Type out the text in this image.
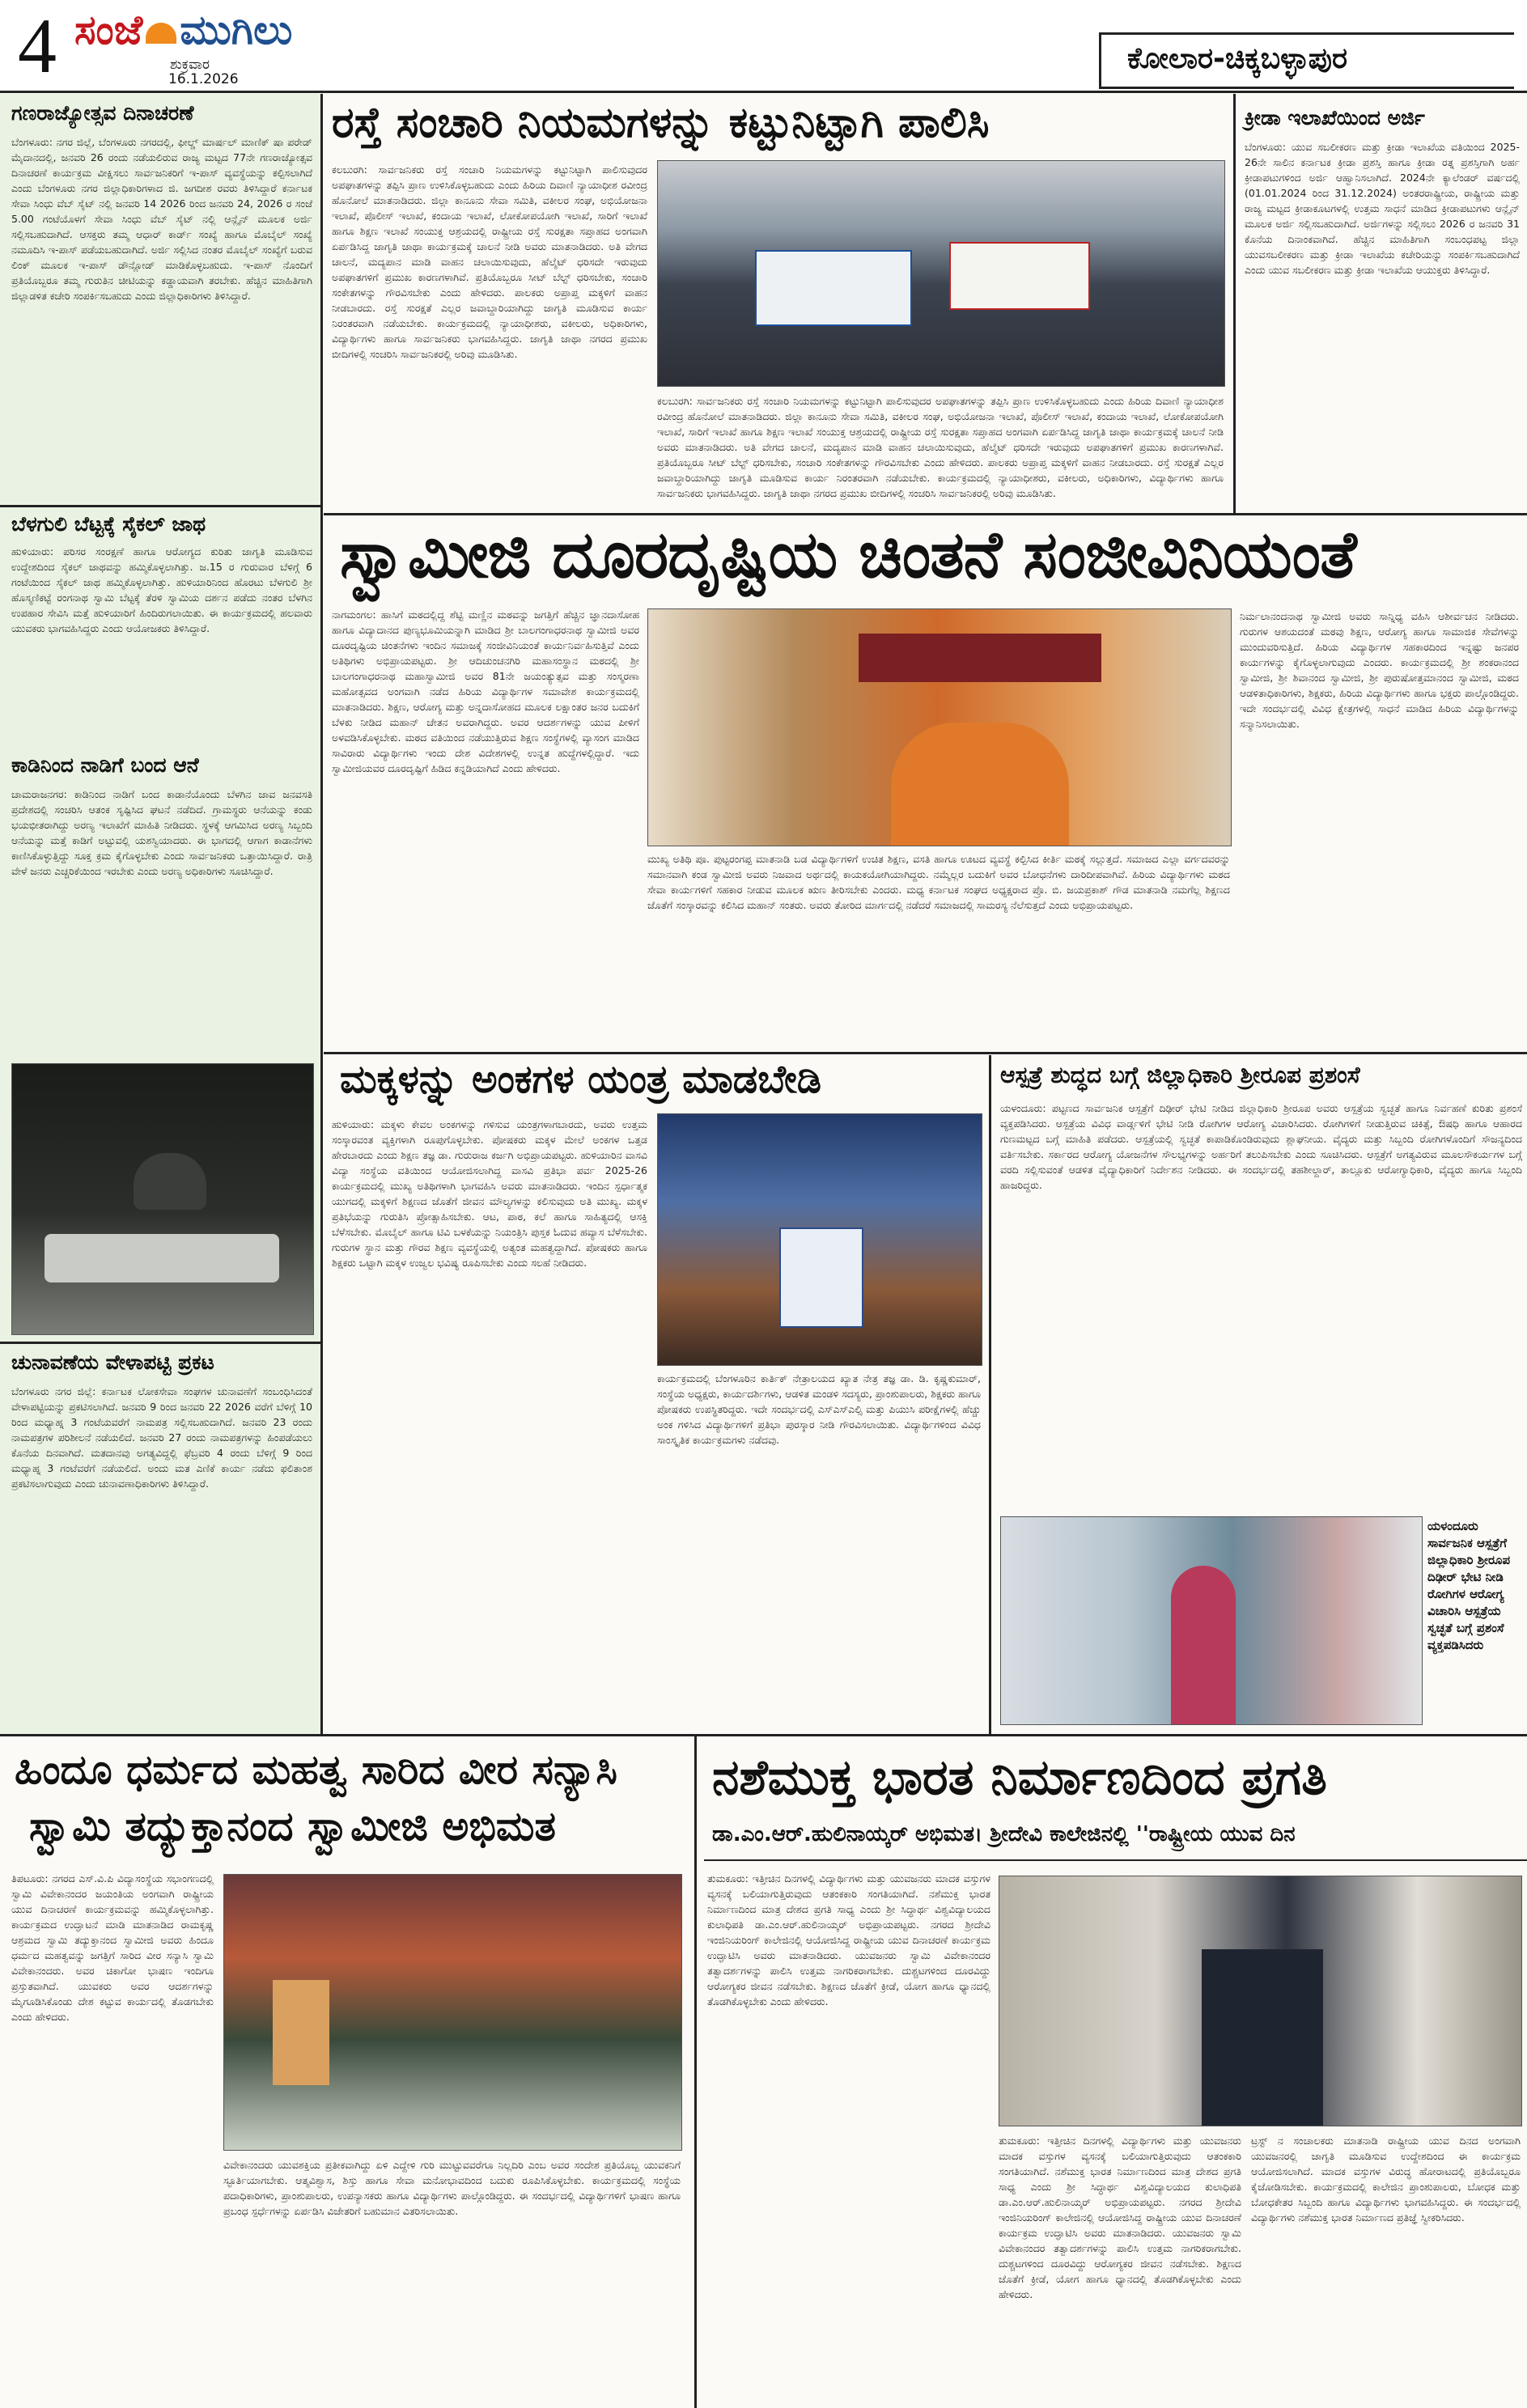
4 ಸಂಜೆ ಮುಗಿಲು
ಶುಕ್ರವಾರ
16.1.2026
ಕೋಲಾರ-ಚಿಕ್ಕಬಳ್ಳಾಪುರ
ಗಣರಾಜ್ಯೋತ್ಸವ ದಿನಾಚರಣೆ
ಬೆಂಗಳೂರು: ನಗರ ಜಿಲ್ಲೆ, ಬೆಂಗಳೂರು ನಗರದಲ್ಲಿ, ಫೀಲ್ಡ್ ಮಾರ್ಷಲ್ ಮಾಣಿಕ್ ಷಾ ಪರೇಡ್ ಮೈದಾನದಲ್ಲಿ, ಜನವರಿ 26 ರಂದು ನಡೆಯಲಿರುವ ರಾಜ್ಯ ಮಟ್ಟದ 77ನೇ ಗಣರಾಜ್ಯೋತ್ಸವ ದಿನಾಚರಣೆ ಕಾರ್ಯಕ್ರಮ ವೀಕ್ಷಿಸಲು ಸಾರ್ವಜನಿಕರಿಗೆ ಇ-ಪಾಸ್ ವ್ಯವಸ್ಥೆಯನ್ನು ಕಲ್ಪಿಸಲಾಗಿದೆ ಎಂದು ಬೆಂಗಳೂರು ನಗರ ಜಿಲ್ಲಾಧಿಕಾರಿಗಳಾದ ಜಿ. ಜಗದೀಶ ರವರು ತಿಳಿಸಿದ್ದಾರೆ ಕರ್ನಾಟಕ ಸೇವಾ ಸಿಂಧು ವೆಬ್ ಸೈಟ್ ನಲ್ಲಿ ಜನವರಿ 14 2026 ರಿಂದ ಜನವರಿ 24, 2026 ರ ಸಂಜೆ 5.00 ಗಂಟೆಯೊಳಗೆ ಸೇವಾ ಸಿಂಧು ವೆಬ್ ಸೈಟ್ ನಲ್ಲಿ ಆನ್ಲೈನ್ ಮೂಲಕ ಅರ್ಜಿ ಸಲ್ಲಿಸಬಹುದಾಗಿದೆ. ಆಸಕ್ತರು ತಮ್ಮ ಆಧಾರ್ ಕಾರ್ಡ್ ಸಂಖ್ಯೆ ಹಾಗೂ ಮೊಬೈಲ್ ಸಂಖ್ಯೆ ನಮೂದಿಸಿ ಇ-ಪಾಸ್ ಪಡೆಯಬಹುದಾಗಿದೆ. ಅರ್ಜಿ ಸಲ್ಲಿಸಿದ ನಂತರ ಮೊಬೈಲ್ ಸಂಖ್ಯೆಗೆ ಬರುವ ಲಿಂಕ್ ಮೂಲಕ ಇ-ಪಾಸ್ ಡೌನ್ಲೋಡ್ ಮಾಡಿಕೊಳ್ಳಬಹುದು. ಇ-ಪಾಸ್ ನೊಂದಿಗೆ ಪ್ರತಿಯೊಬ್ಬರೂ ತಮ್ಮ ಗುರುತಿನ ಚೀಟಿಯನ್ನು ಕಡ್ಡಾಯವಾಗಿ ತರಬೇಕು. ಹೆಚ್ಚಿನ ಮಾಹಿತಿಗಾಗಿ ಜಿಲ್ಲಾಡಳಿತ ಕಚೇರಿ ಸಂಪರ್ಕಿಸಬಹುದು ಎಂದು ಜಿಲ್ಲಾಧಿಕಾರಿಗಳು ತಿಳಿಸಿದ್ದಾರೆ.
ಬೆಳಗುಲಿ ಬೆಟ್ಟಕ್ಕೆ ಸೈಕಲ್ ಜಾಥ
ಹುಳಿಯಾರು: ಪರಿಸರ ಸಂರಕ್ಷಣೆ ಹಾಗೂ ಆರೋಗ್ಯದ ಕುರಿತು ಜಾಗೃತಿ ಮೂಡಿಸುವ ಉದ್ದೇಶದಿಂದ ಸೈಕಲ್ ಜಾಥವನ್ನು ಹಮ್ಮಿಕೊಳ್ಳಲಾಗಿತ್ತು. ಜ.15 ರ ಗುರುವಾರ ಬೆಳಿಗ್ಗೆ 6 ಗಂಟೆಯಿಂದ ಸೈಕಲ್ ಜಾಥ ಹಮ್ಮಿಕೊಳ್ಳಲಾಗಿತ್ತು. ಹುಳಿಯಾರಿನಿಂದ ಹೊರಟು ಬೆಳಗುಲಿ ಶ್ರೀ ಹೊಸ್ಮಣಿಕಟ್ಟೆ ರಂಗನಾಥ ಸ್ವಾಮಿ ಬೆಟ್ಟಕ್ಕೆ ತೆರಳಿ ಸ್ವಾಮಿಯ ದರ್ಶನ ಪಡೆದು ನಂತರ ಬೆಳಗಿನ ಉಪಹಾರ ಸೇವಿಸಿ ಮತ್ತೆ ಹುಳಿಯಾರಿಗೆ ಹಿಂದಿರುಗಲಾಯಿತು. ಈ ಕಾರ್ಯಕ್ರಮದಲ್ಲಿ ಹಲವಾರು ಯುವಕರು ಭಾಗವಹಿಸಿದ್ದರು ಎಂದು ಆಯೋಜಕರು ತಿಳಿಸಿದ್ದಾರೆ.
ಕಾಡಿನಿಂದ ನಾಡಿಗೆ ಬಂದ ಆನೆ
ಚಾಮರಾಜನಗರ: ಕಾಡಿನಿಂದ ನಾಡಿಗೆ ಬಂದ ಕಾಡಾನೆಯೊಂದು ಬೆಳಗಿನ ಜಾವ ಜನವಸತಿ ಪ್ರದೇಶದಲ್ಲಿ ಸಂಚರಿಸಿ ಆತಂಕ ಸೃಷ್ಟಿಸಿದ ಘಟನೆ ನಡೆದಿದೆ. ಗ್ರಾಮಸ್ಥರು ಆನೆಯನ್ನು ಕಂಡು ಭಯಭೀತರಾಗಿದ್ದು ಅರಣ್ಯ ಇಲಾಖೆಗೆ ಮಾಹಿತಿ ನೀಡಿದರು. ಸ್ಥಳಕ್ಕೆ ಆಗಮಿಸಿದ ಅರಣ್ಯ ಸಿಬ್ಬಂದಿ ಆನೆಯನ್ನು ಮತ್ತೆ ಕಾಡಿಗೆ ಅಟ್ಟುವಲ್ಲಿ ಯಶಸ್ವಿಯಾದರು. ಈ ಭಾಗದಲ್ಲಿ ಆಗಾಗ ಕಾಡಾನೆಗಳು ಕಾಣಿಸಿಕೊಳ್ಳುತ್ತಿದ್ದು ಸೂಕ್ತ ಕ್ರಮ ಕೈಗೊಳ್ಳಬೇಕು ಎಂದು ಸಾರ್ವಜನಿಕರು ಒತ್ತಾಯಿಸಿದ್ದಾರೆ. ರಾತ್ರಿ ವೇಳೆ ಜನರು ಎಚ್ಚರಿಕೆಯಿಂದ ಇರಬೇಕು ಎಂದು ಅರಣ್ಯ ಅಧಿಕಾರಿಗಳು ಸೂಚಿಸಿದ್ದಾರೆ.
ಚುನಾವಣೆಯ ವೇಳಾಪಟ್ಟಿ ಪ್ರಕಟ
ಬೆಂಗಳೂರು ನಗರ ಜಿಲ್ಲೆ: ಕರ್ನಾಟಕ ಲೋಕಸೇವಾ ಸಂಘಗಳ ಚುನಾವಣೆಗೆ ಸಂಬಂಧಿಸಿದಂತೆ ವೇಳಾಪಟ್ಟಿಯನ್ನು ಪ್ರಕಟಿಸಲಾಗಿದೆ. ಜನವರಿ 9 ರಿಂದ ಜನವರಿ 22 2026 ವರೆಗೆ ಬೆಳಿಗ್ಗೆ 10 ರಿಂದ ಮಧ್ಯಾಹ್ನ 3 ಗಂಟೆಯವರೆಗೆ ನಾಮಪತ್ರ ಸಲ್ಲಿಸಬಹುದಾಗಿದೆ. ಜನವರಿ 23 ರಂದು ನಾಮಪತ್ರಗಳ ಪರಿಶೀಲನೆ ನಡೆಯಲಿದೆ. ಜನವರಿ 27 ರಂದು ನಾಮಪತ್ರಗಳನ್ನು ಹಿಂಪಡೆಯಲು ಕೊನೆಯ ದಿನವಾಗಿದೆ. ಮತದಾನವು ಅಗತ್ಯವಿದ್ದಲ್ಲಿ ಫೆಬ್ರವರಿ 4 ರಂದು ಬೆಳಿಗ್ಗೆ 9 ರಿಂದ ಮಧ್ಯಾಹ್ನ 3 ಗಂಟೆವರೆಗೆ ನಡೆಯಲಿದೆ. ಅಂದು ಮತ ಎಣಿಕೆ ಕಾರ್ಯ ನಡೆದು ಫಲಿತಾಂಶ ಪ್ರಕಟಿಸಲಾಗುವುದು ಎಂದು ಚುನಾವಣಾಧಿಕಾರಿಗಳು ತಿಳಿಸಿದ್ದಾರೆ.
ರಸ್ತೆ ಸಂಚಾರಿ ನಿಯಮಗಳನ್ನು ಕಟ್ಟುನಿಟ್ಟಾಗಿ ಪಾಲಿಸಿ
ಕಲಬುರಗಿ: ಸಾರ್ವಜನಿಕರು ರಸ್ತೆ ಸಂಚಾರಿ ನಿಯಮಗಳನ್ನು ಕಟ್ಟುನಿಟ್ಟಾಗಿ ಪಾಲಿಸುವುದರ ಅಪಘಾತಗಳನ್ನು ತಪ್ಪಿಸಿ ಪ್ರಾಣ ಉಳಿಸಿಕೊಳ್ಳಬಹುದು ಎಂದು ಹಿರಿಯ ದಿವಾಣಿ ನ್ಯಾಯಾಧೀಶ ರವೀಂದ್ರ ಹೊನೋಲೆ ಮಾತನಾಡಿದರು. ಜಿಲ್ಲಾ ಕಾನೂನು ಸೇವಾ ಸಮಿತಿ, ವಕೀಲರ ಸಂಘ, ಅಭಿಯೋಜನಾ ಇಲಾಖೆ, ಪೊಲೀಸ್ ಇಲಾಖೆ, ಕಂದಾಯ ಇಲಾಖೆ, ಲೋಕೋಪಯೋಗಿ ಇಲಾಖೆ, ಸಾರಿಗೆ ಇಲಾಖೆ ಹಾಗೂ ಶಿಕ್ಷಣ ಇಲಾಖೆ ಸಂಯುಕ್ತ ಆಶ್ರಯದಲ್ಲಿ ರಾಷ್ಟ್ರೀಯ ರಸ್ತೆ ಸುರಕ್ಷತಾ ಸಪ್ತಾಹದ ಅಂಗವಾಗಿ ಏರ್ಪಡಿಸಿದ್ದ ಜಾಗೃತಿ ಜಾಥಾ ಕಾರ್ಯಕ್ರಮಕ್ಕೆ ಚಾಲನೆ ನೀಡಿ ಅವರು ಮಾತನಾಡಿದರು. ಅತಿ ವೇಗದ ಚಾಲನೆ, ಮದ್ಯಪಾನ ಮಾಡಿ ವಾಹನ ಚಲಾಯಿಸುವುದು, ಹೆಲ್ಮೆಟ್ ಧರಿಸದೇ ಇರುವುದು ಅಪಘಾತಗಳಿಗೆ ಪ್ರಮುಖ ಕಾರಣಗಳಾಗಿವೆ. ಪ್ರತಿಯೊಬ್ಬರೂ ಸೀಟ್ ಬೆಲ್ಟ್ ಧರಿಸಬೇಕು, ಸಂಚಾರಿ ಸಂಕೇತಗಳನ್ನು ಗೌರವಿಸಬೇಕು ಎಂದು ಹೇಳಿದರು. ಪಾಲಕರು ಅಪ್ರಾಪ್ತ ಮಕ್ಕಳಿಗೆ ವಾಹನ ನೀಡಬಾರದು. ರಸ್ತೆ ಸುರಕ್ಷತೆ ಎಲ್ಲರ ಜವಾಬ್ದಾರಿಯಾಗಿದ್ದು ಜಾಗೃತಿ ಮೂಡಿಸುವ ಕಾರ್ಯ ನಿರಂತರವಾಗಿ ನಡೆಯಬೇಕು. ಕಾರ್ಯಕ್ರಮದಲ್ಲಿ ನ್ಯಾಯಾಧೀಶರು, ವಕೀಲರು, ಅಧಿಕಾರಿಗಳು, ವಿದ್ಯಾರ್ಥಿಗಳು ಹಾಗೂ ಸಾರ್ವಜನಿಕರು ಭಾಗವಹಿಸಿದ್ದರು. ಜಾಗೃತಿ ಜಾಥಾ ನಗರದ ಪ್ರಮುಖ ಬೀದಿಗಳಲ್ಲಿ ಸಂಚರಿಸಿ ಸಾರ್ವಜನಿಕರಲ್ಲಿ ಅರಿವು ಮೂಡಿಸಿತು.
ಕಲಬುರಗಿ: ಸಾರ್ವಜನಿಕರು ರಸ್ತೆ ಸಂಚಾರಿ ನಿಯಮಗಳನ್ನು ಕಟ್ಟುನಿಟ್ಟಾಗಿ ಪಾಲಿಸುವುದರ ಅಪಘಾತಗಳನ್ನು ತಪ್ಪಿಸಿ ಪ್ರಾಣ ಉಳಿಸಿಕೊಳ್ಳಬಹುದು ಎಂದು ಹಿರಿಯ ದಿವಾಣಿ ನ್ಯಾಯಾಧೀಶ ರವೀಂದ್ರ ಹೊನೋಲೆ ಮಾತನಾಡಿದರು. ಜಿಲ್ಲಾ ಕಾನೂನು ಸೇವಾ ಸಮಿತಿ, ವಕೀಲರ ಸಂಘ, ಅಭಿಯೋಜನಾ ಇಲಾಖೆ, ಪೊಲೀಸ್ ಇಲಾಖೆ, ಕಂದಾಯ ಇಲಾಖೆ, ಲೋಕೋಪಯೋಗಿ ಇಲಾಖೆ, ಸಾರಿಗೆ ಇಲಾಖೆ ಹಾಗೂ ಶಿಕ್ಷಣ ಇಲಾಖೆ ಸಂಯುಕ್ತ ಆಶ್ರಯದಲ್ಲಿ ರಾಷ್ಟ್ರೀಯ ರಸ್ತೆ ಸುರಕ್ಷತಾ ಸಪ್ತಾಹದ ಅಂಗವಾಗಿ ಏರ್ಪಡಿಸಿದ್ದ ಜಾಗೃತಿ ಜಾಥಾ ಕಾರ್ಯಕ್ರಮಕ್ಕೆ ಚಾಲನೆ ನೀಡಿ ಅವರು ಮಾತನಾಡಿದರು. ಅತಿ ವೇಗದ ಚಾಲನೆ, ಮದ್ಯಪಾನ ಮಾಡಿ ವಾಹನ ಚಲಾಯಿಸುವುದು, ಹೆಲ್ಮೆಟ್ ಧರಿಸದೇ ಇರುವುದು ಅಪಘಾತಗಳಿಗೆ ಪ್ರಮುಖ ಕಾರಣಗಳಾಗಿವೆ. ಪ್ರತಿಯೊಬ್ಬರೂ ಸೀಟ್ ಬೆಲ್ಟ್ ಧರಿಸಬೇಕು, ಸಂಚಾರಿ ಸಂಕೇತಗಳನ್ನು ಗೌರವಿಸಬೇಕು ಎಂದು ಹೇಳಿದರು. ಪಾಲಕರು ಅಪ್ರಾಪ್ತ ಮಕ್ಕಳಿಗೆ ವಾಹನ ನೀಡಬಾರದು. ರಸ್ತೆ ಸುರಕ್ಷತೆ ಎಲ್ಲರ ಜವಾಬ್ದಾರಿಯಾಗಿದ್ದು ಜಾಗೃತಿ ಮೂಡಿಸುವ ಕಾರ್ಯ ನಿರಂತರವಾಗಿ ನಡೆಯಬೇಕು. ಕಾರ್ಯಕ್ರಮದಲ್ಲಿ ನ್ಯಾಯಾಧೀಶರು, ವಕೀಲರು, ಅಧಿಕಾರಿಗಳು, ವಿದ್ಯಾರ್ಥಿಗಳು ಹಾಗೂ ಸಾರ್ವಜನಿಕರು ಭಾಗವಹಿಸಿದ್ದರು. ಜಾಗೃತಿ ಜಾಥಾ ನಗರದ ಪ್ರಮುಖ ಬೀದಿಗಳಲ್ಲಿ ಸಂಚರಿಸಿ ಸಾರ್ವಜನಿಕರಲ್ಲಿ ಅರಿವು ಮೂಡಿಸಿತು.
ಕ್ರೀಡಾ ಇಲಾಖೆಯಿಂದ ಅರ್ಜಿ
ಬೆಂಗಳೂರು: ಯುವ ಸಬಲೀಕರಣ ಮತ್ತು ಕ್ರೀಡಾ ಇಲಾಖೆಯ ವತಿಯಿಂದ 2025-26ನೇ ಸಾಲಿನ ಕರ್ನಾಟಕ ಕ್ರೀಡಾ ಪ್ರಶಸ್ತಿ ಹಾಗೂ ಕ್ರೀಡಾ ರತ್ನ ಪ್ರಶಸ್ತಿಗಾಗಿ ಅರ್ಹ ಕ್ರೀಡಾಪಟುಗಳಿಂದ ಅರ್ಜಿ ಆಹ್ವಾನಿಸಲಾಗಿದೆ. 2024ನೇ ಕ್ಯಾಲೆಂಡರ್ ವರ್ಷದಲ್ಲಿ (01.01.2024 ರಿಂದ 31.12.2024) ಅಂತರರಾಷ್ಟ್ರೀಯ, ರಾಷ್ಟ್ರೀಯ ಮತ್ತು ರಾಜ್ಯ ಮಟ್ಟದ ಕ್ರೀಡಾಕೂಟಗಳಲ್ಲಿ ಉತ್ತಮ ಸಾಧನೆ ಮಾಡಿದ ಕ್ರೀಡಾಪಟುಗಳು ಆನ್ಲೈನ್ ಮೂಲಕ ಅರ್ಜಿ ಸಲ್ಲಿಸಬಹುದಾಗಿದೆ. ಅರ್ಜಿಗಳನ್ನು ಸಲ್ಲಿಸಲು 2026 ರ ಜನವರಿ 31 ಕೊನೆಯ ದಿನಾಂಕವಾಗಿದೆ. ಹೆಚ್ಚಿನ ಮಾಹಿತಿಗಾಗಿ ಸಂಬಂಧಪಟ್ಟ ಜಿಲ್ಲಾ ಯುವಸಬಲೀಕರಣ ಮತ್ತು ಕ್ರೀಡಾ ಇಲಾಖೆಯ ಕಚೇರಿಯನ್ನು ಸಂಪರ್ಕಿಸಬಹುದಾಗಿದೆ ಎಂದು ಯುವ ಸಬಲೀಕರಣ ಮತ್ತು ಕ್ರೀಡಾ ಇಲಾಖೆಯ ಆಯುಕ್ತರು ತಿಳಿಸಿದ್ದಾರೆ.
ಸ್ವಾಮೀಜಿ ದೂರದೃಷ್ಟಿಯ ಚಿಂತನೆ ಸಂಜೀವಿನಿಯಂತೆ
ನಾಗಮಂಗಲ: ಹಾಸಿಗೆ ಮಠದಲ್ಲಿದ್ದ ಶೆಟ್ಟಿ ಮಣ್ಣಿನ ಮಠವನ್ನು ಜಗತ್ತಿಗೆ ಹೆಚ್ಚಿನ ಜ್ಞಾನದಾಸೋಹ ಹಾಗೂ ವಿದ್ಯಾದಾನದ ಪುಣ್ಯಭೂಮಿಯನ್ನಾಗಿ ಮಾಡಿದ ಶ್ರೀ ಬಾಲಗಂಗಾಧರನಾಥ ಸ್ವಾಮೀಜಿ ಅವರ ದೂರದೃಷ್ಟಿಯ ಚಿಂತನೆಗಳು ಇಂದಿನ ಸಮಾಜಕ್ಕೆ ಸಂಜೀವಿನಿಯಂತೆ ಕಾರ್ಯನಿರ್ವಹಿಸುತ್ತಿವೆ ಎಂದು ಅತಿಥಿಗಳು ಅಭಿಪ್ರಾಯಪಟ್ಟರು. ಶ್ರೀ ಆದಿಚುಂಚನಗಿರಿ ಮಹಾಸಂಸ್ಥಾನ ಮಠದಲ್ಲಿ ಶ್ರೀ ಬಾಲಗಂಗಾಧರನಾಥ ಮಹಾಸ್ವಾಮೀಜಿ ಅವರ 81ನೇ ಜಯಂತ್ಯುತ್ಸವ ಮತ್ತು ಸಂಸ್ಮರಣಾ ಮಹೋತ್ಸವದ ಅಂಗವಾಗಿ ನಡೆದ ಹಿರಿಯ ವಿದ್ಯಾರ್ಥಿಗಳ ಸಮಾವೇಶ ಕಾರ್ಯಕ್ರಮದಲ್ಲಿ ಮಾತನಾಡಿದರು. ಶಿಕ್ಷಣ, ಆರೋಗ್ಯ ಮತ್ತು ಅನ್ನದಾಸೋಹದ ಮೂಲಕ ಲಕ್ಷಾಂತರ ಜನರ ಬದುಕಿಗೆ ಬೆಳಕು ನೀಡಿದ ಮಹಾನ್ ಚೇತನ ಅವರಾಗಿದ್ದರು. ಅವರ ಆದರ್ಶಗಳನ್ನು ಯುವ ಪೀಳಿಗೆ ಅಳವಡಿಸಿಕೊಳ್ಳಬೇಕು. ಮಠದ ವತಿಯಿಂದ ನಡೆಯುತ್ತಿರುವ ಶಿಕ್ಷಣ ಸಂಸ್ಥೆಗಳಲ್ಲಿ ವ್ಯಾಸಂಗ ಮಾಡಿದ ಸಾವಿರಾರು ವಿದ್ಯಾರ್ಥಿಗಳು ಇಂದು ದೇಶ ವಿದೇಶಗಳಲ್ಲಿ ಉನ್ನತ ಹುದ್ದೆಗಳಲ್ಲಿದ್ದಾರೆ. ಇದು ಸ್ವಾಮೀಜಿಯವರ ದೂರದೃಷ್ಟಿಗೆ ಹಿಡಿದ ಕನ್ನಡಿಯಾಗಿದೆ ಎಂದು ಹೇಳಿದರು.
ಮುಖ್ಯ ಅತಿಥಿ ಪೂ. ಪುಟ್ಟರಂಗಪ್ಪ ಮಾತನಾಡಿ ಬಡ ವಿದ್ಯಾರ್ಥಿಗಳಿಗೆ ಉಚಿತ ಶಿಕ್ಷಣ, ವಸತಿ ಹಾಗೂ ಊಟದ ವ್ಯವಸ್ಥೆ ಕಲ್ಪಿಸಿದ ಕೀರ್ತಿ ಮಠಕ್ಕೆ ಸಲ್ಲುತ್ತದೆ. ಸಮಾಜದ ಎಲ್ಲಾ ವರ್ಗದವರನ್ನು ಸಮಾನವಾಗಿ ಕಂಡ ಸ್ವಾಮೀಜಿ ಅವರು ನಿಜವಾದ ಅರ್ಥದಲ್ಲಿ ಕಾಯಕಯೋಗಿಯಾಗಿದ್ದರು. ನಮ್ಮೆಲ್ಲರ ಬದುಕಿಗೆ ಅವರ ಬೋಧನೆಗಳು ದಾರಿದೀಪವಾಗಿವೆ. ಹಿರಿಯ ವಿದ್ಯಾರ್ಥಿಗಳು ಮಠದ ಸೇವಾ ಕಾರ್ಯಗಳಿಗೆ ಸಹಕಾರ ನೀಡುವ ಮೂಲಕ ಋಣ ತೀರಿಸಬೇಕು ಎಂದರು. ಮಧ್ಯ ಕರ್ನಾಟಕ ಸಂಘದ ಅಧ್ಯಕ್ಷರಾದ ಪ್ರೊ. ಬಿ. ಜಯಪ್ರಕಾಶ್ ಗೌಡ ಮಾತನಾಡಿ ನಮಗೆಲ್ಲ ಶಿಕ್ಷಣದ ಜೊತೆಗೆ ಸಂಸ್ಕಾರವನ್ನು ಕಲಿಸಿದ ಮಹಾನ್ ಸಂತರು. ಅವರು ತೋರಿದ ಮಾರ್ಗದಲ್ಲಿ ನಡೆದರೆ ಸಮಾಜದಲ್ಲಿ ಸಾಮರಸ್ಯ ನೆಲೆಸುತ್ತದೆ ಎಂದು ಅಭಿಪ್ರಾಯಪಟ್ಟರು.
ನಿರ್ಮಲಾನಂದನಾಥ ಸ್ವಾಮೀಜಿ ಅವರು ಸಾನ್ನಿಧ್ಯ ವಹಿಸಿ ಆಶೀರ್ವಚನ ನೀಡಿದರು. ಗುರುಗಳ ಆಶಯದಂತೆ ಮಠವು ಶಿಕ್ಷಣ, ಆರೋಗ್ಯ ಹಾಗೂ ಸಾಮಾಜಿಕ ಸೇವೆಗಳನ್ನು ಮುಂದುವರಿಸುತ್ತಿದೆ. ಹಿರಿಯ ವಿದ್ಯಾರ್ಥಿಗಳ ಸಹಕಾರದಿಂದ ಇನ್ನಷ್ಟು ಜನಪರ ಕಾರ್ಯಗಳನ್ನು ಕೈಗೊಳ್ಳಲಾಗುವುದು ಎಂದರು. ಕಾರ್ಯಕ್ರಮದಲ್ಲಿ ಶ್ರೀ ಶಂಕರಾನಂದ ಸ್ವಾಮೀಜಿ, ಶ್ರೀ ಶಿವಾನಂದ ಸ್ವಾಮೀಜಿ, ಶ್ರೀ ಪುರುಷೋತ್ತಮಾನಂದ ಸ್ವಾಮೀಜಿ, ಮಠದ ಆಡಳಿತಾಧಿಕಾರಿಗಳು, ಶಿಕ್ಷಕರು, ಹಿರಿಯ ವಿದ್ಯಾರ್ಥಿಗಳು ಹಾಗೂ ಭಕ್ತರು ಪಾಲ್ಗೊಂಡಿದ್ದರು. ಇದೇ ಸಂದರ್ಭದಲ್ಲಿ ವಿವಿಧ ಕ್ಷೇತ್ರಗಳಲ್ಲಿ ಸಾಧನೆ ಮಾಡಿದ ಹಿರಿಯ ವಿದ್ಯಾರ್ಥಿಗಳನ್ನು ಸನ್ಮಾನಿಸಲಾಯಿತು.
ಮಕ್ಕಳನ್ನು ಅಂಕಗಳ ಯಂತ್ರ ಮಾಡಬೇಡಿ
ಹುಳಿಯಾರು: ಮಕ್ಕಳು ಕೇವಲ ಅಂಕಗಳನ್ನು ಗಳಿಸುವ ಯಂತ್ರಗಳಾಗಬಾರದು, ಅವರು ಉತ್ತಮ ಸಂಸ್ಕಾರವಂತ ವ್ಯಕ್ತಿಗಳಾಗಿ ರೂಪುಗೊಳ್ಳಬೇಕು. ಪೋಷಕರು ಮಕ್ಕಳ ಮೇಲೆ ಅಂಕಗಳ ಒತ್ತಡ ಹೇರಬಾರದು ಎಂದು ಶಿಕ್ಷಣ ತಜ್ಞ ಡಾ. ಗುರುರಾಜ ಕರ್ಜಗಿ ಅಭಿಪ್ರಾಯಪಟ್ಟರು. ಹುಳಿಯಾರಿನ ವಾಸವಿ ವಿದ್ಯಾ ಸಂಸ್ಥೆಯ ವತಿಯಿಂದ ಆಯೋಜಿಸಲಾಗಿದ್ದ ವಾಸವಿ ಪ್ರತಿಭಾ ಪರ್ವ 2025-26 ಕಾರ್ಯಕ್ರಮದಲ್ಲಿ ಮುಖ್ಯ ಅತಿಥಿಗಳಾಗಿ ಭಾಗವಹಿಸಿ ಅವರು ಮಾತನಾಡಿದರು. ಇಂದಿನ ಸ್ಪರ್ಧಾತ್ಮಕ ಯುಗದಲ್ಲಿ ಮಕ್ಕಳಿಗೆ ಶಿಕ್ಷಣದ ಜೊತೆಗೆ ಜೀವನ ಮೌಲ್ಯಗಳನ್ನು ಕಲಿಸುವುದು ಅತಿ ಮುಖ್ಯ. ಮಕ್ಕಳ ಪ್ರತಿಭೆಯನ್ನು ಗುರುತಿಸಿ ಪ್ರೋತ್ಸಾಹಿಸಬೇಕು. ಆಟ, ಪಾಠ, ಕಲೆ ಹಾಗೂ ಸಾಹಿತ್ಯದಲ್ಲಿ ಆಸಕ್ತಿ ಬೆಳೆಸಬೇಕು. ಮೊಬೈಲ್ ಹಾಗೂ ಟಿವಿ ಬಳಕೆಯನ್ನು ನಿಯಂತ್ರಿಸಿ ಪುಸ್ತಕ ಓದುವ ಹವ್ಯಾಸ ಬೆಳೆಸಬೇಕು. ಗುರುಗಳ ಸ್ಥಾನ ಮತ್ತು ಗೌರವ ಶಿಕ್ಷಣ ವ್ಯವಸ್ಥೆಯಲ್ಲಿ ಅತ್ಯಂತ ಮಹತ್ವದ್ದಾಗಿದೆ. ಪೋಷಕರು ಹಾಗೂ ಶಿಕ್ಷಕರು ಒಟ್ಟಾಗಿ ಮಕ್ಕಳ ಉಜ್ವಲ ಭವಿಷ್ಯ ರೂಪಿಸಬೇಕು ಎಂದು ಸಲಹೆ ನೀಡಿದರು.
ಕಾರ್ಯಕ್ರಮದಲ್ಲಿ ಬೆಂಗಳೂರಿನ ಕಾರ್ತಿಕ್ ನೇತ್ರಾಲಯದ ಖ್ಯಾತ ನೇತ್ರ ತಜ್ಞ ಡಾ. ಡಿ. ಕೃಷ್ಣಕುಮಾರ್, ಸಂಸ್ಥೆಯ ಅಧ್ಯಕ್ಷರು, ಕಾರ್ಯದರ್ಶಿಗಳು, ಆಡಳಿತ ಮಂಡಳಿ ಸದಸ್ಯರು, ಪ್ರಾಂಶುಪಾಲರು, ಶಿಕ್ಷಕರು ಹಾಗೂ ಪೋಷಕರು ಉಪಸ್ಥಿತರಿದ್ದರು. ಇದೇ ಸಂದರ್ಭದಲ್ಲಿ ಎಸ್ಎಸ್ಎಲ್ಸಿ ಮತ್ತು ಪಿಯುಸಿ ಪರೀಕ್ಷೆಗಳಲ್ಲಿ ಹೆಚ್ಚು ಅಂಕ ಗಳಿಸಿದ ವಿದ್ಯಾರ್ಥಿಗಳಿಗೆ ಪ್ರತಿಭಾ ಪುರಸ್ಕಾರ ನೀಡಿ ಗೌರವಿಸಲಾಯಿತು. ವಿದ್ಯಾರ್ಥಿಗಳಿಂದ ವಿವಿಧ ಸಾಂಸ್ಕೃತಿಕ ಕಾರ್ಯಕ್ರಮಗಳು ನಡೆದವು.
ಆಸ್ಪತ್ರೆ ಶುದ್ಧದ ಬಗ್ಗೆ ಜಿಲ್ಲಾಧಿಕಾರಿ ಶ್ರೀರೂಪ ಪ್ರಶಂಸೆ
ಯಳಂದೂರು: ಪಟ್ಟಣದ ಸಾರ್ವಜನಿಕ ಆಸ್ಪತ್ರೆಗೆ ದಿಢೀರ್ ಭೇಟಿ ನೀಡಿದ ಜಿಲ್ಲಾಧಿಕಾರಿ ಶ್ರೀರೂಪ ಅವರು ಆಸ್ಪತ್ರೆಯ ಸ್ವಚ್ಛತೆ ಹಾಗೂ ನಿರ್ವಹಣೆ ಕುರಿತು ಪ್ರಶಂಸೆ ವ್ಯಕ್ತಪಡಿಸಿದರು. ಆಸ್ಪತ್ರೆಯ ವಿವಿಧ ವಾರ್ಡ್ಗಳಿಗೆ ಭೇಟಿ ನೀಡಿ ರೋಗಿಗಳ ಆರೋಗ್ಯ ವಿಚಾರಿಸಿದರು. ರೋಗಿಗಳಿಗೆ ನೀಡುತ್ತಿರುವ ಚಿಕಿತ್ಸೆ, ಔಷಧಿ ಹಾಗೂ ಆಹಾರದ ಗುಣಮಟ್ಟದ ಬಗ್ಗೆ ಮಾಹಿತಿ ಪಡೆದರು. ಆಸ್ಪತ್ರೆಯಲ್ಲಿ ಸ್ವಚ್ಛತೆ ಕಾಪಾಡಿಕೊಂಡಿರುವುದು ಶ್ಲಾಘನೀಯ. ವೈದ್ಯರು ಮತ್ತು ಸಿಬ್ಬಂದಿ ರೋಗಿಗಳೊಂದಿಗೆ ಸೌಜನ್ಯದಿಂದ ವರ್ತಿಸಬೇಕು. ಸರ್ಕಾರದ ಆರೋಗ್ಯ ಯೋಜನೆಗಳ ಸೌಲಭ್ಯಗಳನ್ನು ಅರ್ಹರಿಗೆ ತಲುಪಿಸಬೇಕು ಎಂದು ಸೂಚಿಸಿದರು. ಆಸ್ಪತ್ರೆಗೆ ಅಗತ್ಯವಿರುವ ಮೂಲಸೌಕರ್ಯಗಳ ಬಗ್ಗೆ ವರದಿ ಸಲ್ಲಿಸುವಂತೆ ಆಡಳಿತ ವೈದ್ಯಾಧಿಕಾರಿಗೆ ನಿರ್ದೇಶನ ನೀಡಿದರು. ಈ ಸಂದರ್ಭದಲ್ಲಿ ತಹಶೀಲ್ದಾರ್, ತಾಲ್ಲೂಕು ಆರೋಗ್ಯಾಧಿಕಾರಿ, ವೈದ್ಯರು ಹಾಗೂ ಸಿಬ್ಬಂದಿ ಹಾಜರಿದ್ದರು.
ಯಳಂದೂರು ಸಾರ್ವಜನಿಕ ಆಸ್ಪತ್ರೆಗೆ ಜಿಲ್ಲಾಧಿಕಾರಿ ಶ್ರೀರೂಪ ದಿಢೀರ್ ಭೇಟಿ ನೀಡಿ ರೋಗಿಗಳ ಆರೋಗ್ಯ ವಿಚಾರಿಸಿ ಆಸ್ಪತ್ರೆಯ ಸ್ವಚ್ಛತೆ ಬಗ್ಗೆ ಪ್ರಶಂಸೆ ವ್ಯಕ್ತಪಡಿಸಿದರು
ಹಿಂದೂ ಧರ್ಮದ ಮಹತ್ವ ಸಾರಿದ ವೀರ ಸನ್ಯಾಸಿ
ಸ್ವಾಮಿ ತದ್ಯುಕ್ತಾನಂದ ಸ್ವಾಮೀಜಿ ಅಭಿಮತ
ತಿಪಟೂರು: ನಗರದ ಎಸ್.ವಿ.ಪಿ ವಿದ್ಯಾಸಂಸ್ಥೆಯ ಸಭಾಂಗಣದಲ್ಲಿ ಸ್ವಾಮಿ ವಿವೇಕಾನಂದರ ಜಯಂತಿಯ ಅಂಗವಾಗಿ ರಾಷ್ಟ್ರೀಯ ಯುವ ದಿನಾಚರಣೆ ಕಾರ್ಯಕ್ರಮವನ್ನು ಹಮ್ಮಿಕೊಳ್ಳಲಾಗಿತ್ತು. ಕಾರ್ಯಕ್ರಮದ ಉದ್ಘಾಟನೆ ಮಾಡಿ ಮಾತನಾಡಿದ ರಾಮಕೃಷ್ಣ ಆಶ್ರಮದ ಸ್ವಾಮಿ ತದ್ಯುಕ್ತಾನಂದ ಸ್ವಾಮೀಜಿ ಅವರು ಹಿಂದೂ ಧರ್ಮದ ಮಹತ್ವವನ್ನು ಜಗತ್ತಿಗೆ ಸಾರಿದ ವೀರ ಸನ್ಯಾಸಿ ಸ್ವಾಮಿ ವಿವೇಕಾನಂದರು. ಅವರ ಚಿಕಾಗೋ ಭಾಷಣ ಇಂದಿಗೂ ಪ್ರಸ್ತುತವಾಗಿದೆ. ಯುವಕರು ಅವರ ಆದರ್ಶಗಳನ್ನು ಮೈಗೂಡಿಸಿಕೊಂಡು ದೇಶ ಕಟ್ಟುವ ಕಾರ್ಯದಲ್ಲಿ ತೊಡಗಬೇಕು ಎಂದು ಹೇಳಿದರು.
ವಿವೇಕಾನಂದರು ಯುವಶಕ್ತಿಯ ಪ್ರತೀಕವಾಗಿದ್ದು ಏಳಿ ಎದ್ದೇಳಿ ಗುರಿ ಮುಟ್ಟುವವರೆಗೂ ನಿಲ್ಲದಿರಿ ಎಂಬ ಅವರ ಸಂದೇಶ ಪ್ರತಿಯೊಬ್ಬ ಯುವಕನಿಗೆ ಸ್ಫೂರ್ತಿಯಾಗಬೇಕು. ಆತ್ಮವಿಶ್ವಾಸ, ಶಿಸ್ತು ಹಾಗೂ ಸೇವಾ ಮನೋಭಾವದಿಂದ ಬದುಕು ರೂಪಿಸಿಕೊಳ್ಳಬೇಕು. ಕಾರ್ಯಕ್ರಮದಲ್ಲಿ ಸಂಸ್ಥೆಯ ಪದಾಧಿಕಾರಿಗಳು, ಪ್ರಾಂಶುಪಾಲರು, ಉಪನ್ಯಾಸಕರು ಹಾಗೂ ವಿದ್ಯಾರ್ಥಿಗಳು ಪಾಲ್ಗೊಂಡಿದ್ದರು. ಈ ಸಂದರ್ಭದಲ್ಲಿ ವಿದ್ಯಾರ್ಥಿಗಳಿಗೆ ಭಾಷಣ ಹಾಗೂ ಪ್ರಬಂಧ ಸ್ಪರ್ಧೆಗಳನ್ನು ಏರ್ಪಡಿಸಿ ವಿಜೇತರಿಗೆ ಬಹುಮಾನ ವಿತರಿಸಲಾಯಿತು.
ನಶೆಮುಕ್ತ ಭಾರತ ನಿರ್ಮಾಣದಿಂದ ಪ್ರಗತಿ
ಡಾ.ಎಂ.ಆರ್.ಹುಲಿನಾಯ್ಕರ್ ಅಭಿಮತ। ಶ್ರೀದೇವಿ ಕಾಲೇಜಿನಲ್ಲಿ ''ರಾಷ್ಟ್ರೀಯ ಯುವ ದಿನ
ತುಮಕೂರು: ಇತ್ತೀಚಿನ ದಿನಗಳಲ್ಲಿ ವಿದ್ಯಾರ್ಥಿಗಳು ಮತ್ತು ಯುವಜನರು ಮಾದಕ ವಸ್ತುಗಳ ವ್ಯಸನಕ್ಕೆ ಬಲಿಯಾಗುತ್ತಿರುವುದು ಆತಂಕಕಾರಿ ಸಂಗತಿಯಾಗಿದೆ. ನಶೆಮುಕ್ತ ಭಾರತ ನಿರ್ಮಾಣದಿಂದ ಮಾತ್ರ ದೇಶದ ಪ್ರಗತಿ ಸಾಧ್ಯ ಎಂದು ಶ್ರೀ ಸಿದ್ಧಾರ್ಥ ವಿಶ್ವವಿದ್ಯಾಲಯದ ಕುಲಾಧಿಪತಿ ಡಾ.ಎಂ.ಆರ್.ಹುಲಿನಾಯ್ಕರ್ ಅಭಿಪ್ರಾಯಪಟ್ಟರು. ನಗರದ ಶ್ರೀದೇವಿ ಇಂಜಿನಿಯರಿಂಗ್ ಕಾಲೇಜಿನಲ್ಲಿ ಆಯೋಜಿಸಿದ್ದ ರಾಷ್ಟ್ರೀಯ ಯುವ ದಿನಾಚರಣೆ ಕಾರ್ಯಕ್ರಮ ಉದ್ಘಾಟಿಸಿ ಅವರು ಮಾತನಾಡಿದರು. ಯುವಜನರು ಸ್ವಾಮಿ ವಿವೇಕಾನಂದರ ತತ್ವಾದರ್ಶಗಳನ್ನು ಪಾಲಿಸಿ ಉತ್ತಮ ನಾಗರಿಕರಾಗಬೇಕು. ದುಶ್ಚಟಗಳಿಂದ ದೂರವಿದ್ದು ಆರೋಗ್ಯಕರ ಜೀವನ ನಡೆಸಬೇಕು. ಶಿಕ್ಷಣದ ಜೊತೆಗೆ ಕ್ರೀಡೆ, ಯೋಗ ಹಾಗೂ ಧ್ಯಾನದಲ್ಲಿ ತೊಡಗಿಕೊಳ್ಳಬೇಕು ಎಂದು ಹೇಳಿದರು.
ತುಮಕೂರು: ಇತ್ತೀಚಿನ ದಿನಗಳಲ್ಲಿ ವಿದ್ಯಾರ್ಥಿಗಳು ಮತ್ತು ಯುವಜನರು ಮಾದಕ ವಸ್ತುಗಳ ವ್ಯಸನಕ್ಕೆ ಬಲಿಯಾಗುತ್ತಿರುವುದು ಆತಂಕಕಾರಿ ಸಂಗತಿಯಾಗಿದೆ. ನಶೆಮುಕ್ತ ಭಾರತ ನಿರ್ಮಾಣದಿಂದ ಮಾತ್ರ ದೇಶದ ಪ್ರಗತಿ ಸಾಧ್ಯ ಎಂದು ಶ್ರೀ ಸಿದ್ಧಾರ್ಥ ವಿಶ್ವವಿದ್ಯಾಲಯದ ಕುಲಾಧಿಪತಿ ಡಾ.ಎಂ.ಆರ್.ಹುಲಿನಾಯ್ಕರ್ ಅಭಿಪ್ರಾಯಪಟ್ಟರು. ನಗರದ ಶ್ರೀದೇವಿ ಇಂಜಿನಿಯರಿಂಗ್ ಕಾಲೇಜಿನಲ್ಲಿ ಆಯೋಜಿಸಿದ್ದ ರಾಷ್ಟ್ರೀಯ ಯುವ ದಿನಾಚರಣೆ ಕಾರ್ಯಕ್ರಮ ಉದ್ಘಾಟಿಸಿ ಅವರು ಮಾತನಾಡಿದರು. ಯುವಜನರು ಸ್ವಾಮಿ ವಿವೇಕಾನಂದರ ತತ್ವಾದರ್ಶಗಳನ್ನು ಪಾಲಿಸಿ ಉತ್ತಮ ನಾಗರಿಕರಾಗಬೇಕು. ದುಶ್ಚಟಗಳಿಂದ ದೂರವಿದ್ದು ಆರೋಗ್ಯಕರ ಜೀವನ ನಡೆಸಬೇಕು. ಶಿಕ್ಷಣದ ಜೊತೆಗೆ ಕ್ರೀಡೆ, ಯೋಗ ಹಾಗೂ ಧ್ಯಾನದಲ್ಲಿ ತೊಡಗಿಕೊಳ್ಳಬೇಕು ಎಂದು ಹೇಳಿದರು.
ಟ್ರಸ್ಟ್ ನ ಸಂಚಾಲಕರು ಮಾತನಾಡಿ ರಾಷ್ಟ್ರೀಯ ಯುವ ದಿನದ ಅಂಗವಾಗಿ ಯುವಜನರಲ್ಲಿ ಜಾಗೃತಿ ಮೂಡಿಸುವ ಉದ್ದೇಶದಿಂದ ಈ ಕಾರ್ಯಕ್ರಮ ಆಯೋಜಿಸಲಾಗಿದೆ. ಮಾದಕ ವಸ್ತುಗಳ ವಿರುದ್ಧ ಹೋರಾಟದಲ್ಲಿ ಪ್ರತಿಯೊಬ್ಬರೂ ಕೈಜೋಡಿಸಬೇಕು. ಕಾರ್ಯಕ್ರಮದಲ್ಲಿ ಕಾಲೇಜಿನ ಪ್ರಾಂಶುಪಾಲರು, ಬೋಧಕ ಮತ್ತು ಬೋಧಕೇತರ ಸಿಬ್ಬಂದಿ ಹಾಗೂ ವಿದ್ಯಾರ್ಥಿಗಳು ಭಾಗವಹಿಸಿದ್ದರು. ಈ ಸಂದರ್ಭದಲ್ಲಿ ವಿದ್ಯಾರ್ಥಿಗಳು ನಶೆಮುಕ್ತ ಭಾರತ ನಿರ್ಮಾಣದ ಪ್ರತಿಜ್ಞೆ ಸ್ವೀಕರಿಸಿದರು.
